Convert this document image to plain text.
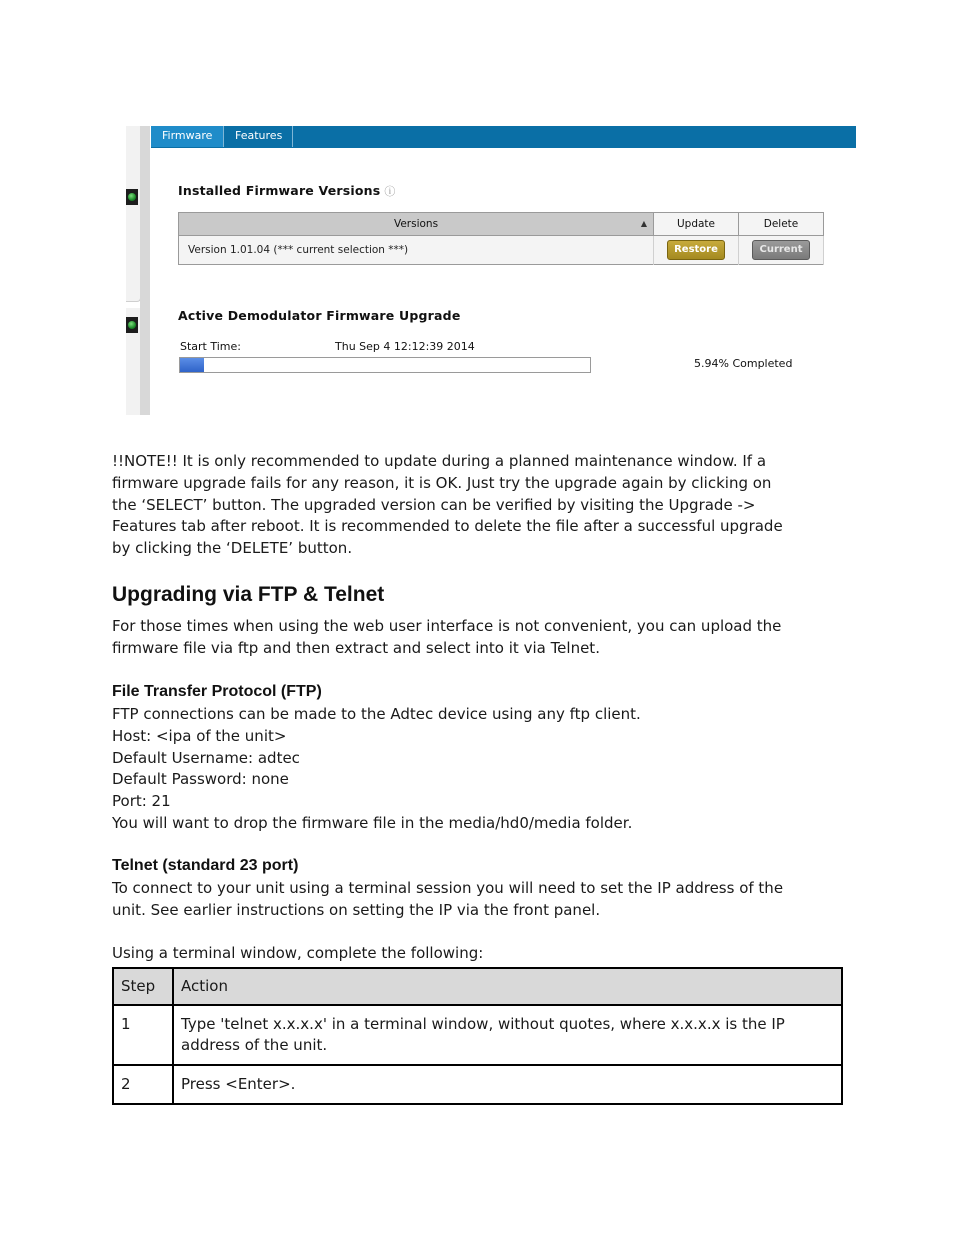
Firmware	Features
Installed Firmware Versions ⓘ
Versions ▲	Update	Delete
Version 1.01.04 (*** current selection ***)	Restore	Current
Active Demodulator Firmware Upgrade
Start Time:	Thu Sep 4 12:12:39 2014
5.94% Completed
!!NOTE!! It is only recommended to update during a planned maintenance window. If a
firmware upgrade fails for any reason, it is OK. Just try the upgrade again by clicking on
the ‘SELECT’ button. The upgraded version can be verified by visiting the Upgrade ->
Features tab after reboot. It is recommended to delete the file after a successful upgrade
by clicking the ‘DELETE’ button.
Upgrading via FTP & Telnet
For those times when using the web user interface is not convenient, you can upload the
firmware file via ftp and then extract and select into it via Telnet.
File Transfer Protocol (FTP)
FTP connections can be made to the Adtec device using any ftp client.
Host: <ipa of the unit>
Default Username: adtec
Default Password: none
Port: 21
You will want to drop the firmware file in the media/hd0/media folder.
Telnet (standard 23 port)
To connect to your unit using a terminal session you will need to set the IP address of the
unit. See earlier instructions on setting the IP via the front panel.
Using a terminal window, complete the following:
Step	Action
1	Type 'telnet x.x.x.x' in a terminal window, without quotes, where x.x.x.x is the IP address of the unit.
2	Press <Enter>.
